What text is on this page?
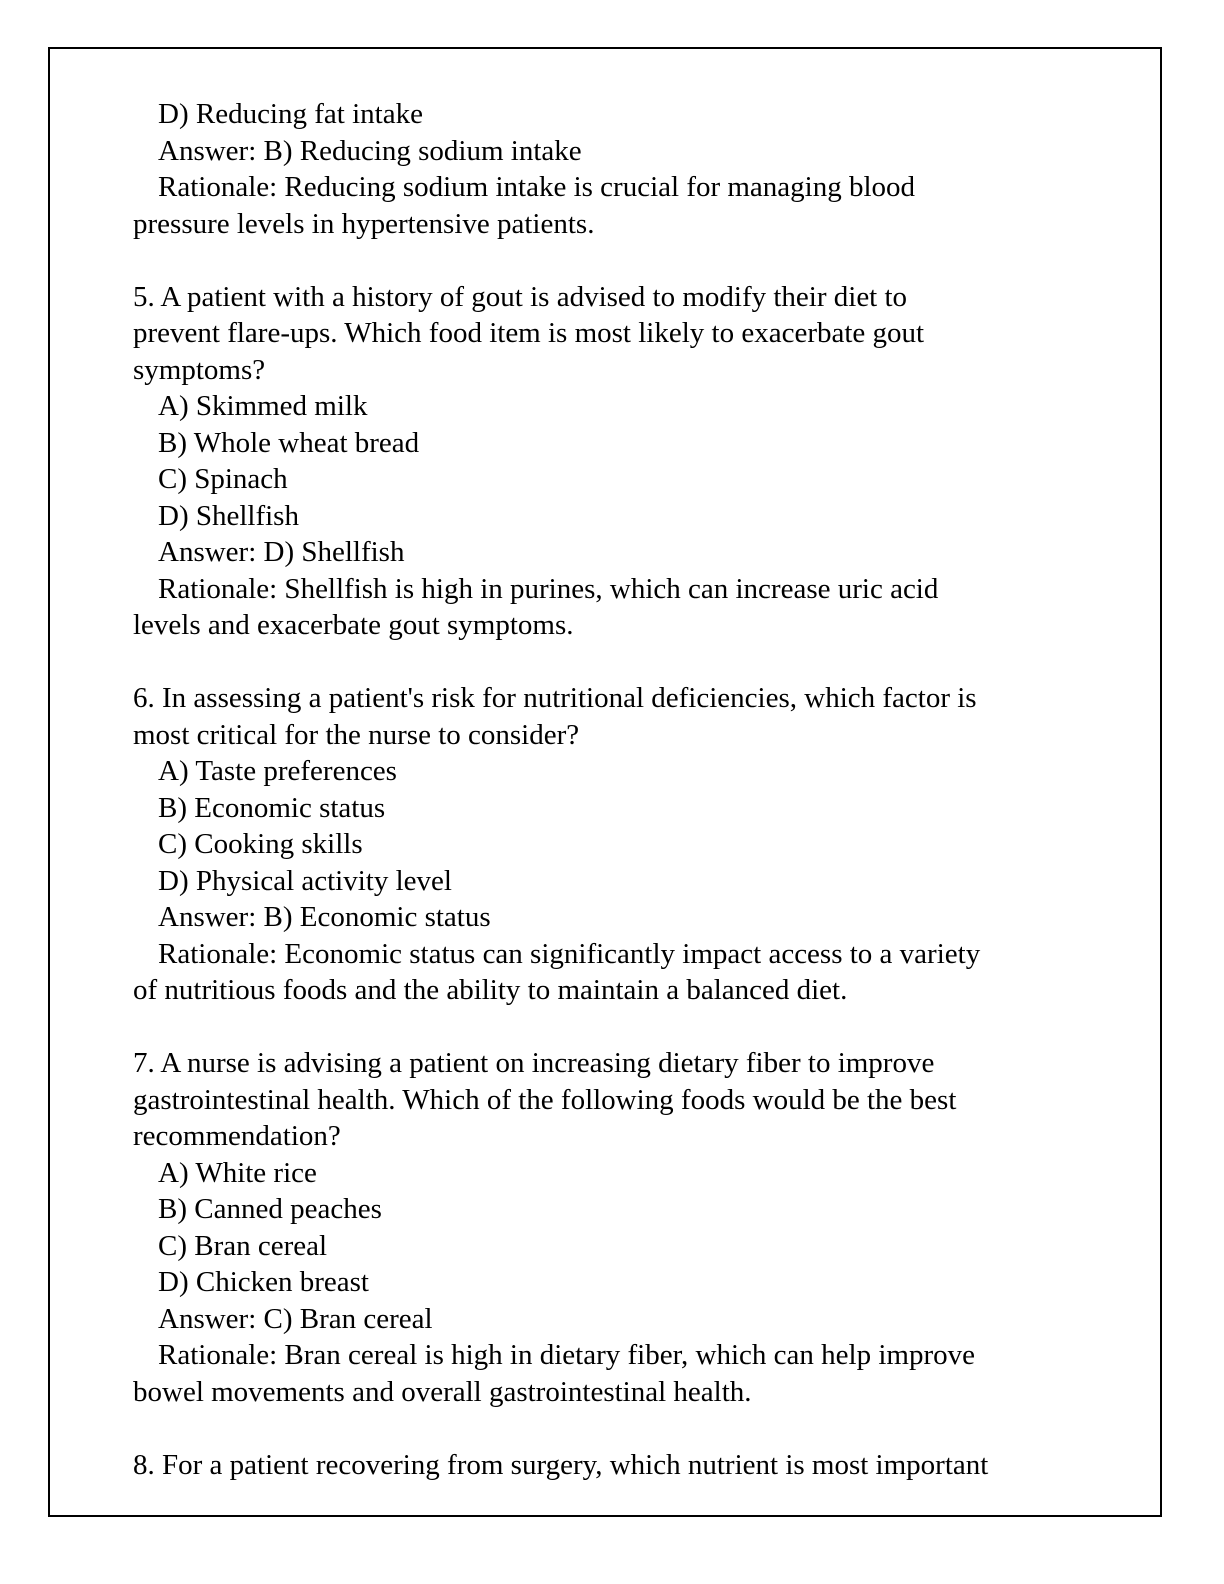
D) Reducing fat intake
Answer: B) Reducing sodium intake
Rationale: Reducing sodium intake is crucial for managing blood
pressure levels in hypertensive patients.
5. A patient with a history of gout is advised to modify their diet to
prevent flare-ups. Which food item is most likely to exacerbate gout
symptoms?
A) Skimmed milk
B) Whole wheat bread
C) Spinach
D) Shellfish
Answer: D) Shellfish
Rationale: Shellfish is high in purines, which can increase uric acid
levels and exacerbate gout symptoms.
6. In assessing a patient's risk for nutritional deficiencies, which factor is
most critical for the nurse to consider?
A) Taste preferences
B) Economic status
C) Cooking skills
D) Physical activity level
Answer: B) Economic status
Rationale: Economic status can significantly impact access to a variety
of nutritious foods and the ability to maintain a balanced diet.
7. A nurse is advising a patient on increasing dietary fiber to improve
gastrointestinal health. Which of the following foods would be the best
recommendation?
A) White rice
B) Canned peaches
C) Bran cereal
D) Chicken breast
Answer: C) Bran cereal
Rationale: Bran cereal is high in dietary fiber, which can help improve
bowel movements and overall gastrointestinal health.
8. For a patient recovering from surgery, which nutrient is most important
